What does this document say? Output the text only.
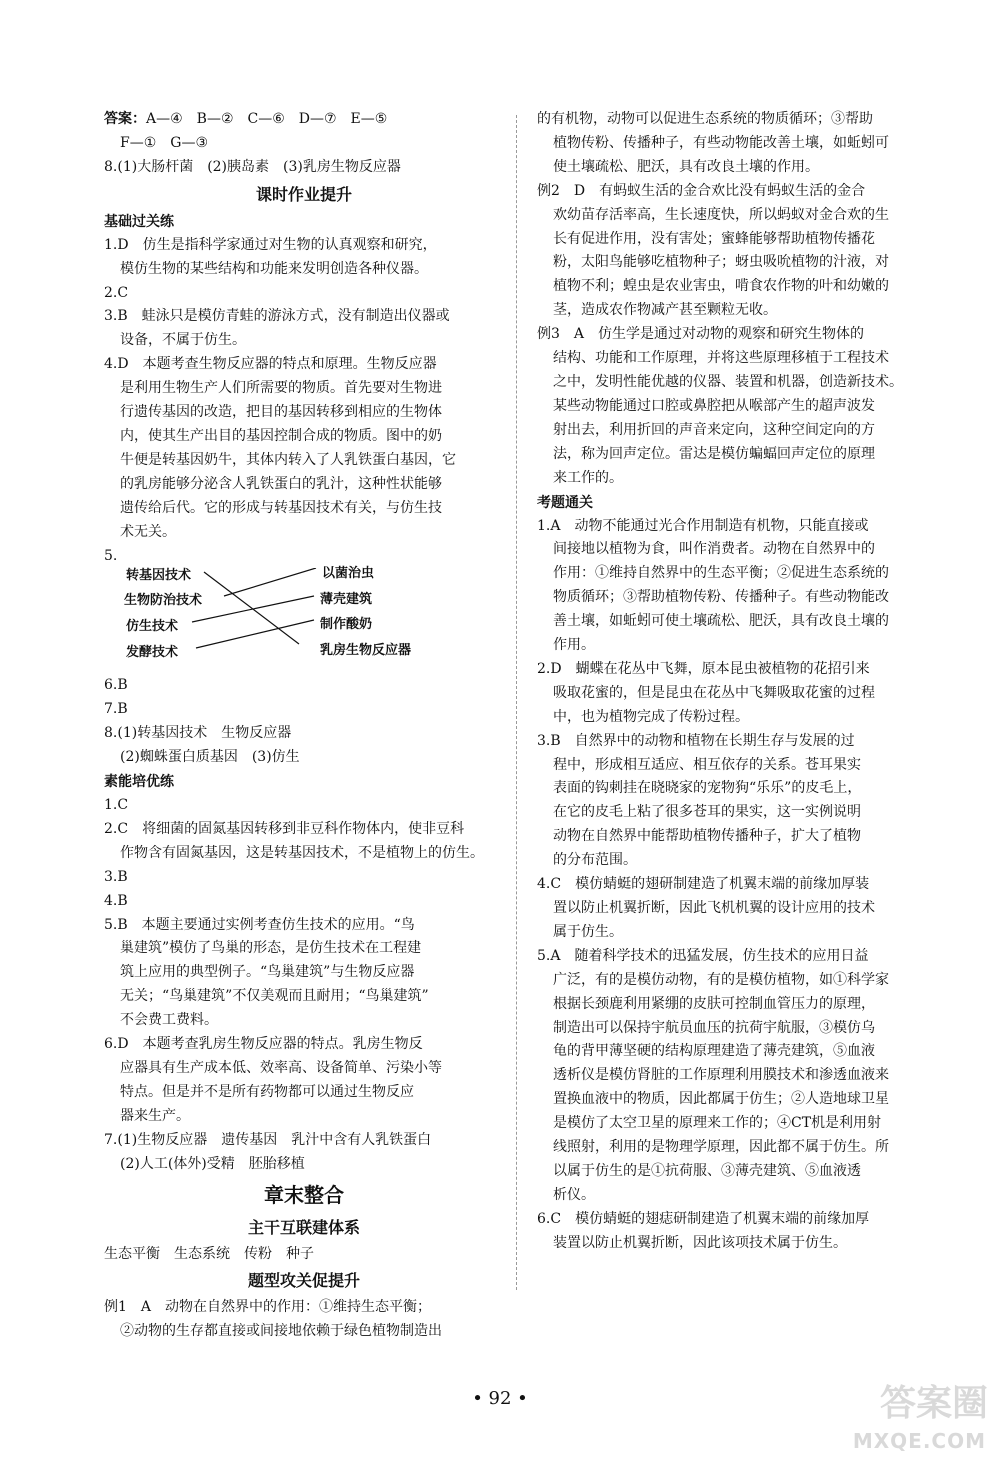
答案：A—④　B—②　C—⑥　D—⑦　E—⑤
F—①　G—③
8.(1)大肠杆菌　(2)胰岛素　(3)乳房生物反应器
课时作业提升
基础过关练
1.D　仿生是指科学家通过对生物的认真观察和研究，
模仿生物的某些结构和功能来发明创造各种仪器。
2.C
3.B　蛙泳只是模仿青蛙的游泳方式，没有制造出仪器或
设备，不属于仿生。
4.D　本题考查生物反应器的特点和原理。生物反应器
是利用生物生产人们所需要的物质。首先要对生物进
行遗传基因的改造，把目的基因转移到相应的生物体
内，使其生产出目的基因控制合成的物质。图中的奶
牛便是转基因奶牛，其体内转入了人乳铁蛋白基因，它
的乳房能够分泌含人乳铁蛋白的乳汁，这种性状能够
遗传给后代。它的形成与转基因技术有关，与仿生技
术无关。
5.
转基因技术
生物防治技术
仿生技术
发酵技术
以菌治虫
薄壳建筑
制作酸奶
乳房生物反应器
6.B
7.B
8.(1)转基因技术　生物反应器
(2)蜘蛛蛋白质基因　(3)仿生
素能培优练
1.C
2.C　将细菌的固氮基因转移到非豆科作物体内，使非豆科
作物含有固氮基因，这是转基因技术，不是植物上的仿生。
3.B
4.B
5.B　本题主要通过实例考查仿生技术的应用。“鸟
巢建筑”模仿了鸟巢的形态，是仿生技术在工程建
筑上应用的典型例子。“鸟巢建筑”与生物反应器
无关；“鸟巢建筑”不仅美观而且耐用；“鸟巢建筑”
不会费工费料。
6.D　本题考查乳房生物反应器的特点。乳房生物反
应器具有生产成本低、效率高、设备简单、污染小等
特点。但是并不是所有药物都可以通过生物反应
器来生产。
7.(1)生物反应器　遗传基因　乳汁中含有人乳铁蛋白
(2)人工(体外)受精　胚胎移植
章末整合
主干互联建体系
生态平衡　生态系统　传粉　种子
题型攻关促提升
例1　A　动物在自然界中的作用：①维持生态平衡；
②动物的生存都直接或间接地依赖于绿色植物制造出
的有机物，动物可以促进生态系统的物质循环；③帮助
植物传粉、传播种子，有些动物能改善土壤，如蚯蚓可
使土壤疏松、肥沃，具有改良土壤的作用。
例2　D　有蚂蚁生活的金合欢比没有蚂蚁生活的金合
欢幼苗存活率高，生长速度快，所以蚂蚁对金合欢的生
长有促进作用，没有害处；蜜蜂能够帮助植物传播花
粉，太阳鸟能够吃植物种子；蚜虫吸吮植物的汁液，对
植物不利；蝗虫是农业害虫，啃食农作物的叶和幼嫩的
茎，造成农作物减产甚至颗粒无收。
例3　A　仿生学是通过对动物的观察和研究生物体的
结构、功能和工作原理，并将这些原理移植于工程技术
之中，发明性能优越的仪器、装置和机器，创造新技术。
某些动物能通过口腔或鼻腔把从喉部产生的超声波发
射出去，利用折回的声音来定向，这种空间定向的方
法，称为回声定位。雷达是模仿蝙蝠回声定位的原理
来工作的。
考题通关
1.A　动物不能通过光合作用制造有机物，只能直接或
间接地以植物为食，叫作消费者。动物在自然界中的
作用：①维持自然界中的生态平衡；②促进生态系统的
物质循环；③帮助植物传粉、传播种子。有些动物能改
善土壤，如蚯蚓可使土壤疏松、肥沃，具有改良土壤的
作用。
2.D　蝴蝶在花丛中飞舞，原本昆虫被植物的花招引来
吸取花蜜的，但是昆虫在花丛中飞舞吸取花蜜的过程
中，也为植物完成了传粉过程。
3.B　自然界中的动物和植物在长期生存与发展的过
程中，形成相互适应、相互依存的关系。苍耳果实
表面的钩刺挂在晓晓家的宠物狗“乐乐”的皮毛上，
在它的皮毛上粘了很多苍耳的果实，这一实例说明
动物在自然界中能帮助植物传播种子，扩大了植物
的分布范围。
4.C　模仿蜻蜓的翅研制建造了机翼末端的前缘加厚装
置以防止机翼折断，因此飞机机翼的设计应用的技术
属于仿生。
5.A　随着科学技术的迅猛发展，仿生技术的应用日益
广泛，有的是模仿动物，有的是模仿植物，如①科学家
根据长颈鹿利用紧绷的皮肤可控制血管压力的原理，
制造出可以保持宇航员血压的抗荷宇航服，③模仿乌
龟的背甲薄坚硬的结构原理建造了薄壳建筑，⑤血液
透析仪是模仿肾脏的工作原理利用膜技术和渗透血液来
置换血液中的物质，因此都属于仿生；②人造地球卫星
是模仿了太空卫星的原理来工作的；④CT机是利用射
线照射，利用的是物理学原理，因此都不属于仿生。所
以属于仿生的是①抗荷服、③薄壳建筑、⑤血液透
析仪。
6.C　模仿蜻蜓的翅痣研制建造了机翼末端的前缘加厚
装置以防止机翼折断，因此该项技术属于仿生。
• 92 •	答案圈
MXQE.COM
